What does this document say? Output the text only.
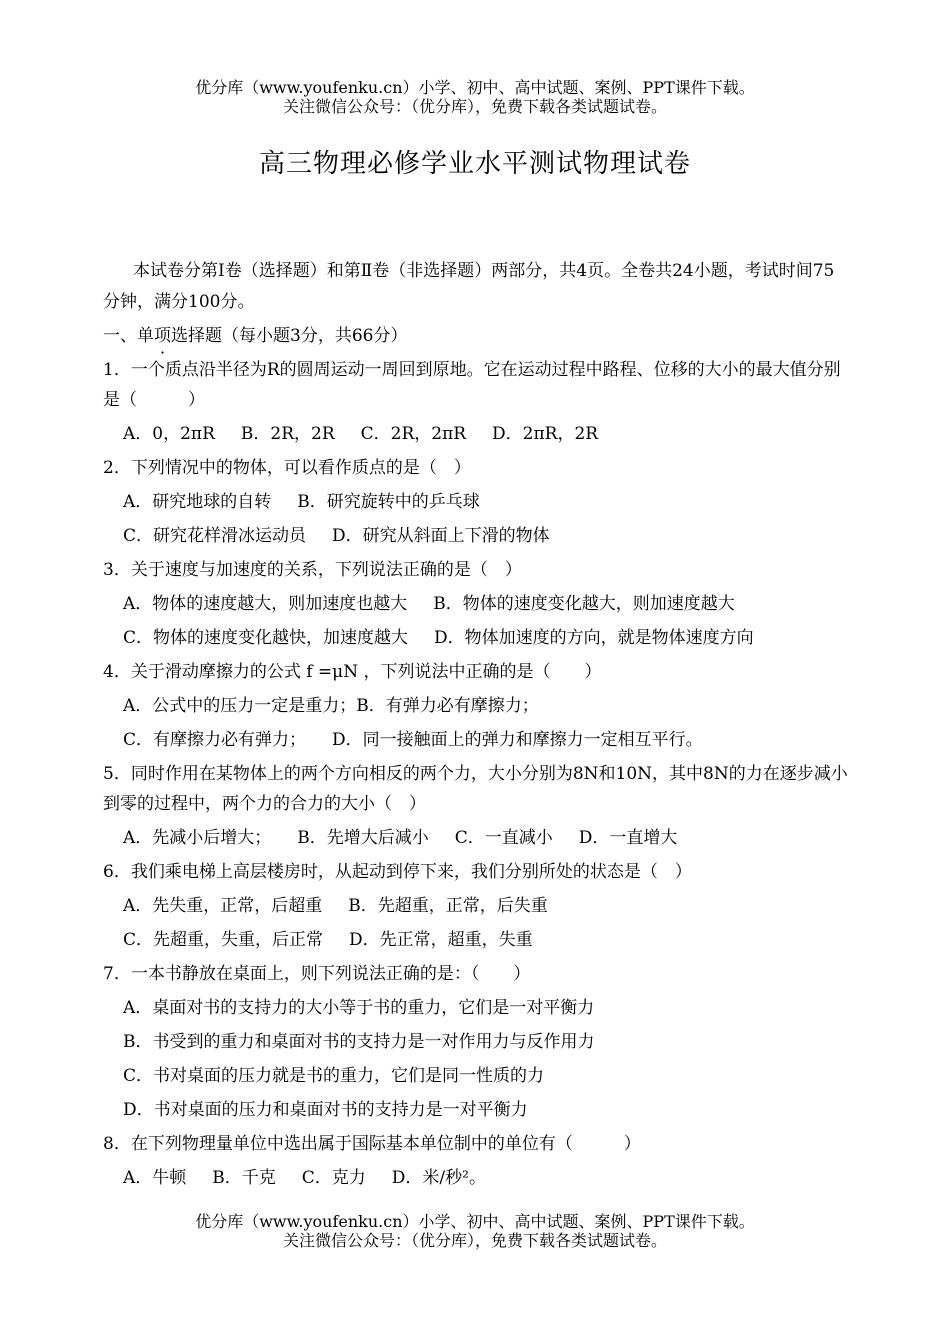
优分库（www.youfenku.cn）小学、初中、高中试题、案例、PPT课件下载。
关注微信公众号：（优分库），免费下载各类试题试卷。
高三物理必修学业水平测试物理试卷

本试卷分第Ⅰ卷（选择题）和第Ⅱ卷（非选择题）两部分，共4页。全卷共24小题，考试时间75分钟，满分100分。

一、单项选择题（每小题3分，共66分）

1．一个质点沿半径为R的圆周运动一周回到原地。它在运动过程中路程、位移的大小的最大值分别是（　　　）

A．0，2πR B．2R，2R C．2R，2πR D．2πR，2R

2．下列情况中的物体，可以看作质点的是（　）

A．研究地球的自转 B．研究旋转中的乒乓球

C．研究花样滑冰运动员 D．研究从斜面上下滑的物体

3．关于速度与加速度的关系，下列说法正确的是（　）

A．物体的速度越大，则加速度也越大 B．物体的速度变化越大，则加速度越大

C．物体的速度变化越快，加速度越大 D．物体加速度的方向，就是物体速度方向

4．关于滑动摩擦力的公式 f =μN ，下列说法中正确的是（　　）

A．公式中的压力一定是重力；B．有弹力必有摩擦力；

C．有摩擦力必有弹力； D．同一接触面上的弹力和摩擦力一定相互平行。

5．同时作用在某物体上的两个方向相反的两个力，大小分别为8N和10N，其中8N的力在逐步减小到零的过程中，两个力的合力的大小（　）

A．先减小后增大； B．先增大后减小 C．一直减小 D．一直增大

6．我们乘电梯上高层楼房时，从起动到停下来，我们分别所处的状态是（　）

A．先失重，正常，后超重 B．先超重，正常，后失重

C．先超重，失重，后正常 D．先正常，超重，失重

7．一本书静放在桌面上，则下列说法正确的是：（　　）

A．桌面对书的支持力的大小等于书的重力，它们是一对平衡力

B．书受到的重力和桌面对书的支持力是一对作用力与反作用力

C．书对桌面的压力就是书的重力，它们是同一性质的力

D．书对桌面的压力和桌面对书的支持力是一对平衡力

8．在下列物理量单位中选出属于国际基本单位制中的单位有（　　　）

A．牛顿 B．千克 C．克力 D．米/秒²。

优分库（www.youfenku.cn）小学、初中、高中试题、案例、PPT课件下载。
关注微信公众号：（优分库），免费下载各类试题试卷。
